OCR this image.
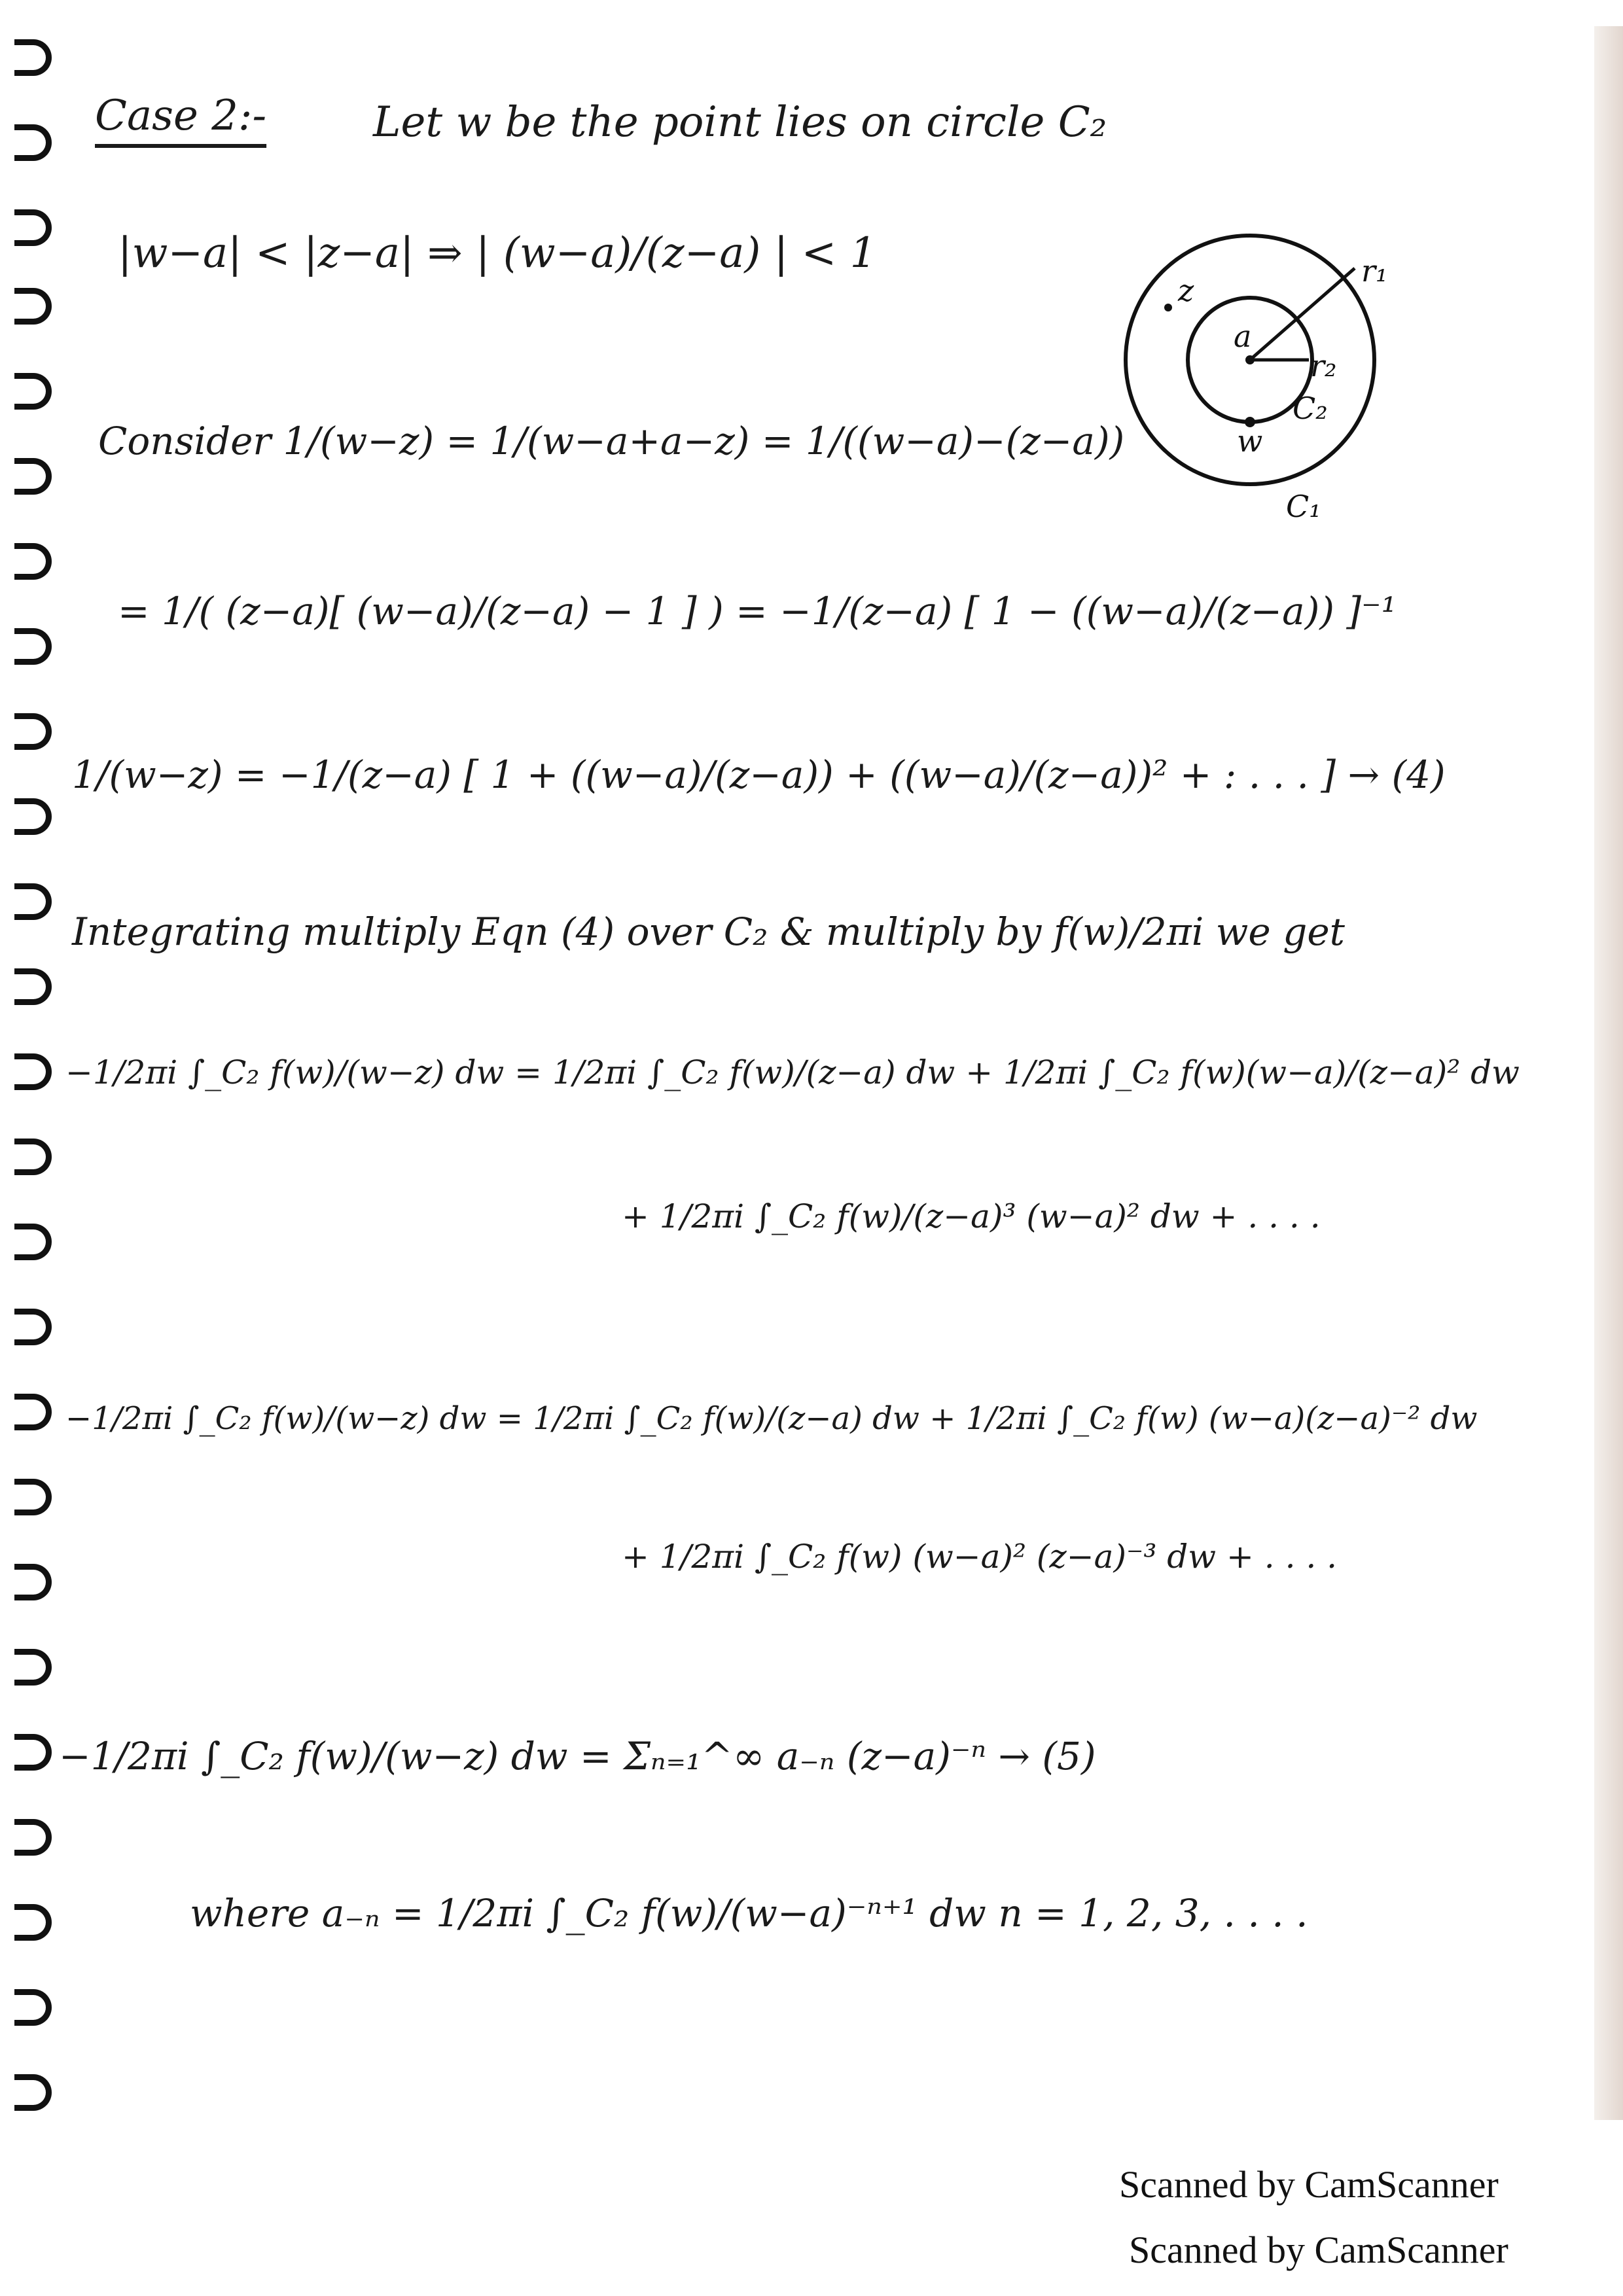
Case 2:-	Let w be the point lies on circle C₂
|w−a| < |z−a| ⇒ | (w−a)/(z−a) | < 1
Consider 1/(w−z) = 1/(w−a+a−z) = 1/((w−a)−(z−a))
= 1/( (z−a)[ (w−a)/(z−a) − 1 ] ) = −1/(z−a) [ 1 − ((w−a)/(z−a)) ]⁻¹
1/(w−z) = −1/(z−a) [ 1 + ((w−a)/(z−a)) + ((w−a)/(z−a))² + : . . . ] → (4)
Integrating multiply Eqn (4) over C₂ & multiply by f(w)/2πi we get
−1/2πi ∫_C₂ f(w)/(w−z) dw = 1/2πi ∫_C₂ f(w)/(z−a) dw + 1/2πi ∫_C₂ f(w)(w−a)/(z−a)² dw
+ 1/2πi ∫_C₂ f(w)/(z−a)³ (w−a)² dw + . . . .
−1/2πi ∫_C₂ f(w)/(w−z) dw = 1/2πi ∫_C₂ f(w)/(z−a) dw + 1/2πi ∫_C₂ f(w) (w−a)(z−a)⁻² dw
+ 1/2πi ∫_C₂ f(w) (w−a)² (z−a)⁻³ dw + . . . .
−1/2πi ∫_C₂ f(w)/(w−z) dw = Σₙ₌₁^∞ a₋ₙ (z−a)⁻ⁿ → (5)
where a₋ₙ = 1/2πi ∫_C₂ f(w)/(w−a)⁻ⁿ⁺¹ dw n = 1, 2, 3, . . . .
z
a
r₁
r₂
w
C₂
C₁
Scanned by CamScanner
Scanned by CamScanner
